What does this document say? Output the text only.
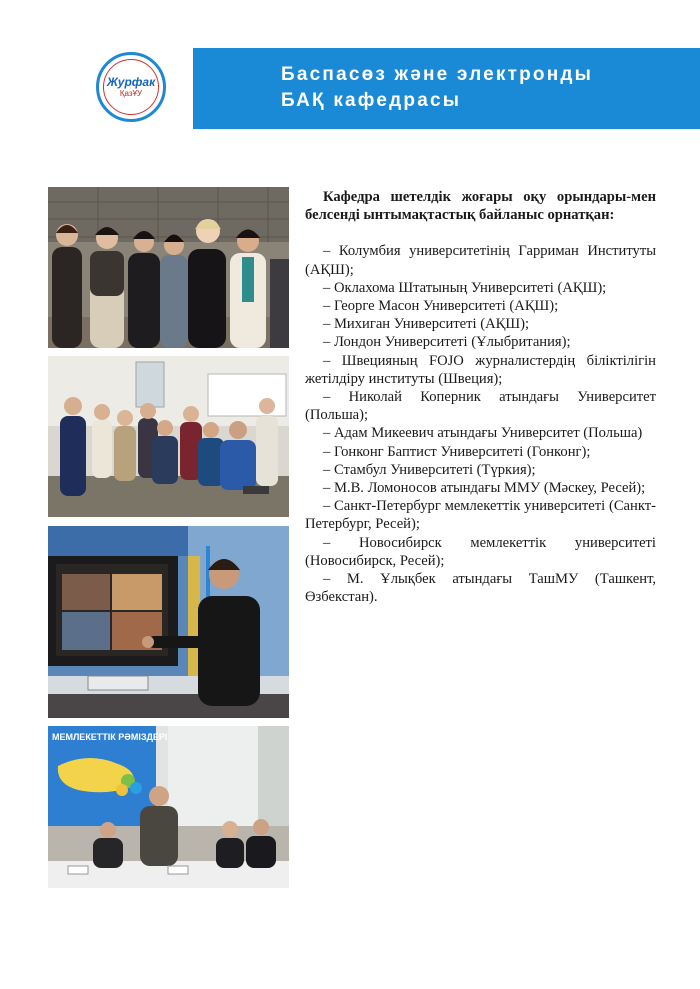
Журфак
ҚазҰУ
Баспасөз және электронды
БАҚ кафедрасы
МЕМЛЕКЕТТІК РӘМІЗДЕРІ

Кафедра шетелдік жоғары оқу орындары-мен белсенді ынтымақтастық байланыс орнатқан:

– Колумбия университетінің Гарриман Институты (АҚШ);
– Оклахома Штатының Университеті (АҚШ);
– Георге Масон Университеті (АҚШ);
– Михиган Университеті (АҚШ);
– Лондон Университеті (Ұлыбритания);
– Швецияның FOJO журналистердің біліктілігін жетілдіру институты (Швеция);
– Николай Коперник атындағы Университет (Польша);
– Адам Микеевич атындағы Университет (Польша)
– Гонконг Баптист Университеті (Гонконг);
– Стамбул Университеті (Түркия);
– М.В. Ломоносов атындағы ММУ (Мәскеу, Ресей);
– Санкт-Петербург мемлекеттік университеті (Санкт-Петербург, Ресей);
– Новосибирск мемлекеттік университеті (Новосибирск, Ресей);
– М. Ұлықбек атындағы ТашМУ (Ташкент, Өзбекстан).
